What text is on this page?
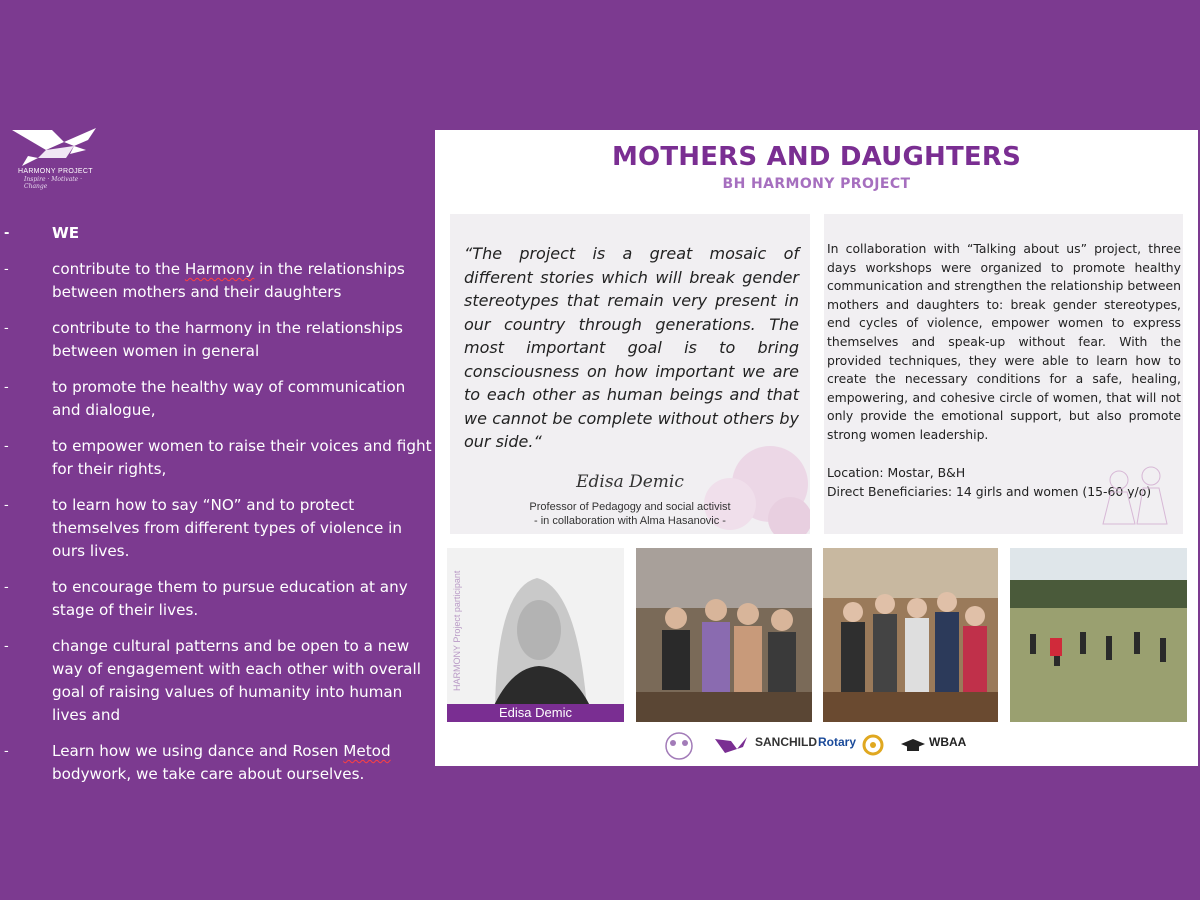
HARMONY PROJECT
Inspire · Motivate · Change
-	WE
-	contribute to the Harmony in the relationships between mothers and their daughters
-	contribute to the harmony in the relationships between women in general
-	to promote the healthy way of communication and dialogue,
-	to empower women to raise their voices and fight for their rights,
-	to learn how to say “NO” and to protect themselves from different types of violence in ours lives.
-	to encourage them to pursue education at any stage of their lives.
-	change cultural patterns and be open to a new way of engagement with each other with overall goal of raising values of humanity into human lives and
-	Learn how we using dance and Rosen Metod bodywork, we take care about ourselves.
MOTHERS AND DAUGHTERS
BH HARMONY PROJECT
“The project is a great mosaic of different stories which will break gender stereotypes that remain very present in our country through generations. The most important goal is to bring consciousness on how important we are to each other as human beings and that we cannot be complete without others by our side.“
Edisa Demic
Professor of Pedagogy and social activist
- in collaboration with Alma Hasanovic -
In collaboration with “Talking about us” project, three days workshops were organized to promote healthy communication and strengthen the relationship between mothers and daughters to: break gender stereotypes, end cycles of violence, empower women to express themselves and speak-up without fear. With the provided techniques, they were able to learn how to create the necessary conditions for a safe, healing, empowering, and cohesive circle of women, that will not only provide the emotional support, but also promote strong women leadership.
Location: Mostar, B&H
Direct Beneficiaries: 14 girls and women (15-60 y/o)
HARMONY Project participant
Edisa Demic
SANCHILD Rotary	WBAA
